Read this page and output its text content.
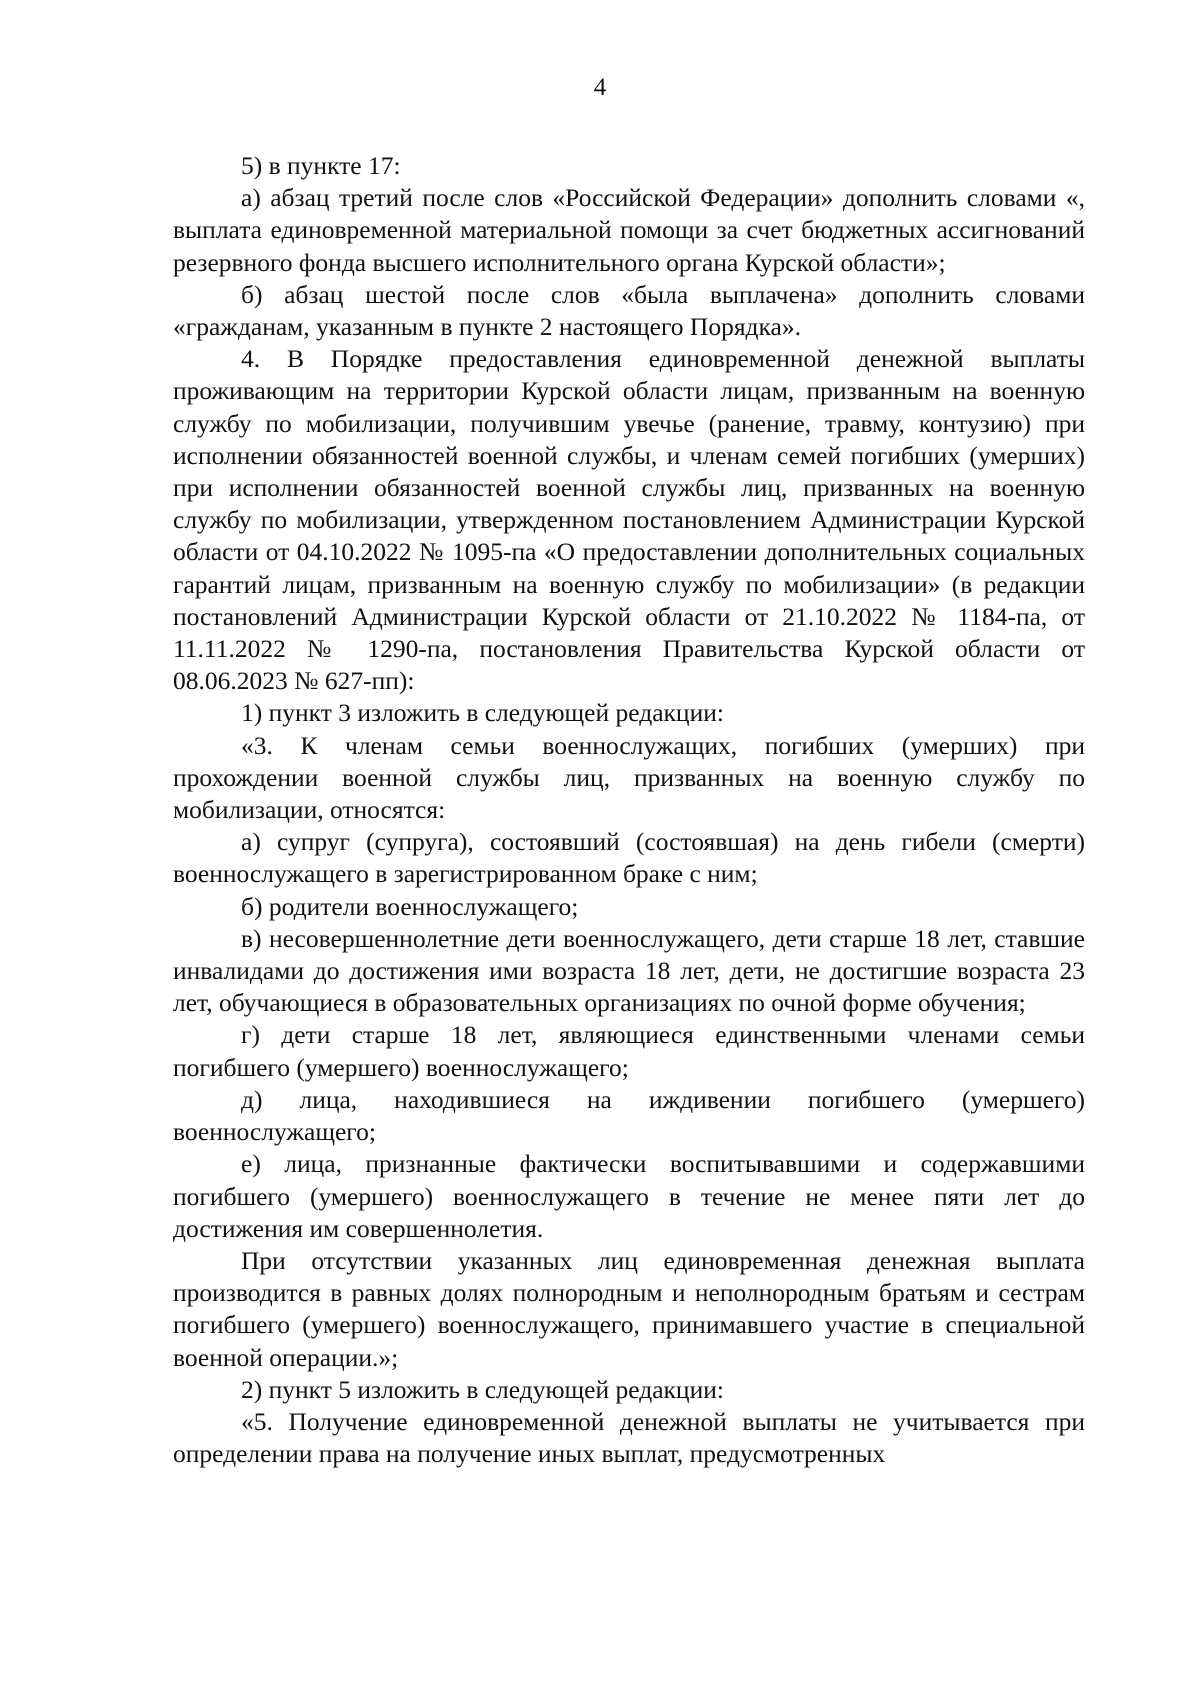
4

5) в пункте 17:

а) абзац третий после слов «Российской Федерации» дополнить словами «, выплата единовременной материальной помощи за счет бюджетных ассигнований резервного фонда высшего исполнительного органа Курской области»;

б) абзац шестой после слов «была выплачена» дополнить словами «гражданам, указанным в пункте 2 настоящего Порядка».

4. В Порядке предоставления единовременной денежной выплаты проживающим на территории Курской области лицам, призванным на военную службу по мобилизации, получившим увечье (ранение, травму, контузию) при исполнении обязанностей военной службы, и членам семей погибших (умерших) при исполнении обязанностей военной службы лиц, призванных на военную службу по мобилизации, утвержденном постановлением Администрации Курской области от 04.10.2022 № 1095-па «О предоставлении дополнительных социальных гарантий лицам, призванным на военную службу по мобилизации» (в редакции постановлений Администрации Курской области от 21.10.2022 № 1184-па, от 11.11.2022 № 1290-па, постановления Правительства Курской области от 08.06.2023 № 627-пп):

1) пункт 3 изложить в следующей редакции:

«3. К членам семьи военнослужащих, погибших (умерших) при прохождении военной службы лиц, призванных на военную службу по мобилизации, относятся:

а) супруг (супруга), состоявший (состоявшая) на день гибели (смерти) военнослужащего в зарегистрированном браке с ним;

б) родители военнослужащего;

в) несовершеннолетние дети военнослужащего, дети старше 18 лет, ставшие инвалидами до достижения ими возраста 18 лет, дети, не достигшие возраста 23 лет, обучающиеся в образовательных организациях по очной форме обучения;

г) дети старше 18 лет, являющиеся единственными членами семьи погибшего (умершего) военнослужащего;

д) лица, находившиеся на иждивении погибшего (умершего) военнослужащего;

е) лица, признанные фактически воспитывавшими и содержавшими погибшего (умершего) военнослужащего в течение не менее пяти лет до достижения им совершеннолетия.

При отсутствии указанных лиц единовременная денежная выплата производится в равных долях полнородным и неполнородным братьям и сестрам погибшего (умершего) военнослужащего, принимавшего участие в специальной военной операции.»;

2) пункт 5 изложить в следующей редакции:

«5. Получение единовременной денежной выплаты не учитывается при определении права на получение иных выплат, предусмотренных
